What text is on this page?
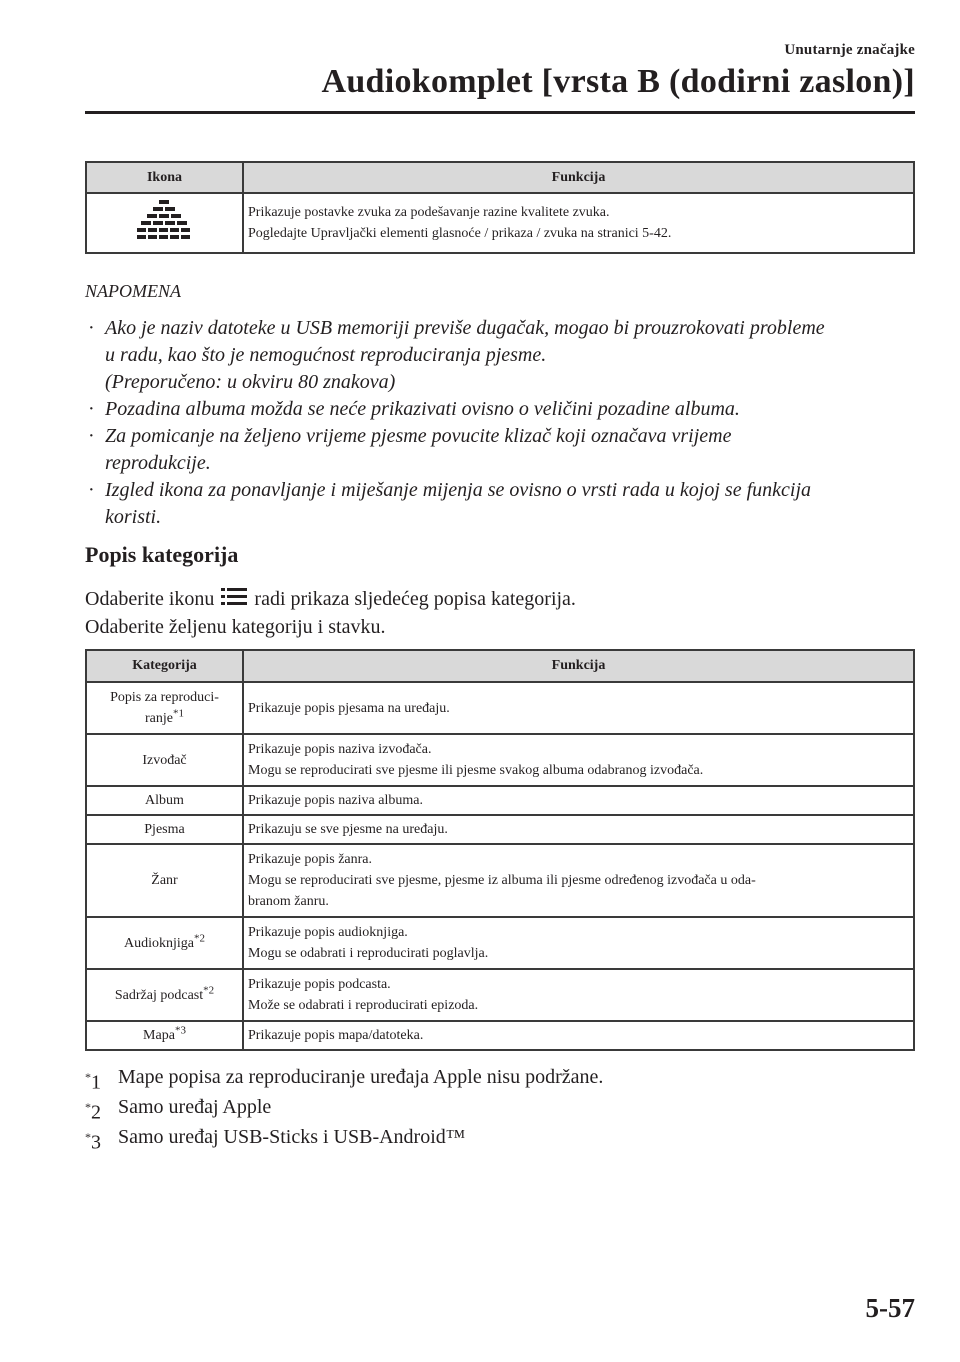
Unutarnje značajke
Audiokomplet [vrsta B (dodirni zaslon)]
Ikona	Funkcija

Prikazuje postavke zvuka za podešavanje razine kvalitete zvuka.
Pogledajte Upravljački elementi glasnoće / prikaza / zvuka na stranici 5-42.
NAPOMENA
· Ako je naziv datoteke u USB memoriji previše dugačak, mogao bi prouzrokovati probleme
u radu, kao što je nemogućnost reproduciranja pjesme.
(Preporučeno: u okviru 80 znakova)
· Pozadina albuma možda se neće prikazivati ovisno o veličini pozadine albuma.
· Za pomicanje na željeno vrijeme pjesme povucite klizač koji označava vrijeme
reprodukcije.
· Izgled ikona za ponavljanje i miješanje mijenja se ovisno o vrsti rada u kojoj se funkcija
koristi.
Popis kategorija
Odaberite ikonu radi prikaza sljedećeg popisa kategorija.
Odaberite željenu kategoriju i stavku.
Kategorija	Funkcija

Popis za reproduci-
ranje$^{*1}$	Prikazuje popis pjesama na uređaju.

Izvođač	Prikazuje popis naziva izvođača.
Mogu se reproducirati sve pjesme ili pjesme svakog albuma odabranog izvođača.

Album	Prikazuje popis naziva albuma.

Pjesma	Prikazuju se sve pjesme na uređaju.

Žanr	Prikazuje popis žanra.
Mogu se reproducirati sve pjesme, pjesme iz albuma ili pjesme određenog izvođača u oda-
branom žanru.

Audioknjiga$^{*2}$	Prikazuje popis audioknjiga.
Mogu se odabrati i reproducirati poglavlja.

Sadržaj podcast$^{*2}$	Prikazuje popis podcasta.
Može se odabrati i reproducirati epizoda.

Mapa$^{*3}$	Prikazuje popis mapa/datoteka.
*1 Mape popisa za reproduciranje uređaja Apple nisu podržane.
*2 Samo uređaj Apple
*3 Samo uređaj USB-Sticks i USB-Android™
5-57
